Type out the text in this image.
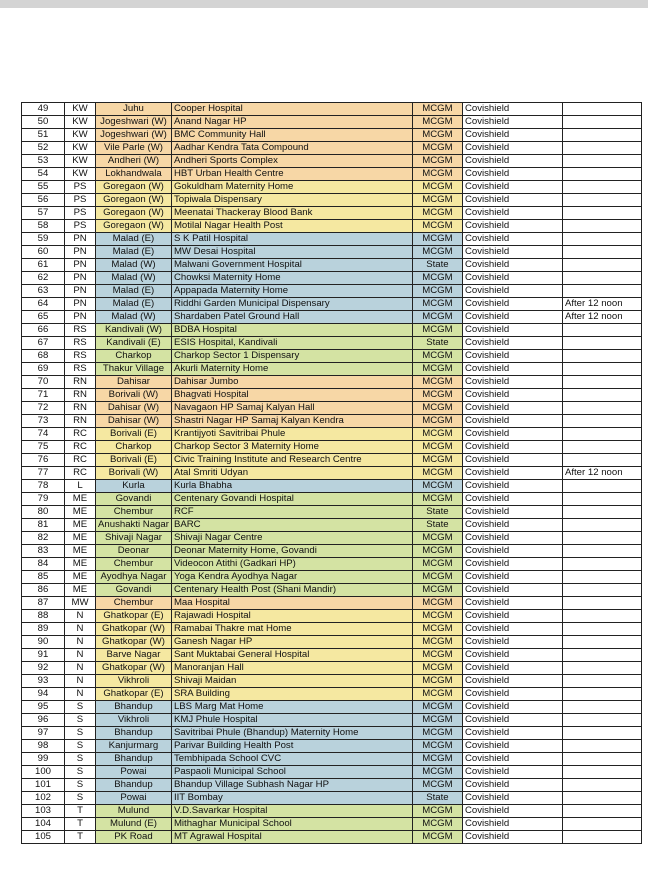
49	KW	Juhu	Cooper Hospital	MCGM	Covishield	
50	KW	Jogeshwari (W)	Anand Nagar HP	MCGM	Covishield	
51	KW	Jogeshwari (W)	BMC Community Hall	MCGM	Covishield	
52	KW	Vile Parle (W)	Aadhar Kendra Tata Compound	MCGM	Covishield	
53	KW	Andheri (W)	Andheri Sports Complex	MCGM	Covishield	
54	KW	Lokhandwala	HBT Urban Health Centre	MCGM	Covishield	
55	PS	Goregaon (W)	Gokuldham Maternity Home	MCGM	Covishield	
56	PS	Goregaon (W)	Topiwala Dispensary	MCGM	Covishield	
57	PS	Goregaon (W)	Meenatai Thackeray Blood Bank	MCGM	Covishield	
58	PS	Goregaon (W)	Motilal Nagar Health Post	MCGM	Covishield	
59	PN	Malad (E)	S K Patil Hospital	MCGM	Covishield	
60	PN	Malad (E)	MW Desai Hospital	MCGM	Covishield	
61	PN	Malad (W)	Malwani Government Hospital	State	Covishield	
62	PN	Malad (W)	Chowksi Maternity Home	MCGM	Covishield	
63	PN	Malad (E)	Appapada Maternity Home	MCGM	Covishield	
64	PN	Malad (E)	Riddhi Garden Municipal Dispensary	MCGM	Covishield	After 12 noon
65	PN	Malad (W)	Shardaben Patel Ground Hall	MCGM	Covishield	After 12 noon
66	RS	Kandivali (W)	BDBA Hospital	MCGM	Covishield	
67	RS	Kandivali (E)	ESIS Hospital, Kandivali	State	Covishield	
68	RS	Charkop	Charkop Sector 1 Dispensary	MCGM	Covishield	
69	RS	Thakur Village	Akurli Maternity Home	MCGM	Covishield	
70	RN	Dahisar	Dahisar Jumbo	MCGM	Covishield	
71	RN	Borivali (W)	Bhagvati Hospital	MCGM	Covishield	
72	RN	Dahisar (W)	Navagaon HP Samaj Kalyan Hall	MCGM	Covishield	
73	RN	Dahisar (W)	Shastri Nagar HP Samaj Kalyan Kendra	MCGM	Covishield	
74	RC	Borivali (E)	Krantijyoti Savitribai Phule	MCGM	Covishield	
75	RC	Charkop	Charkop Sector 3 Maternity Home	MCGM	Covishield	
76	RC	Borivali (E)	Civic Training Institute and Research Centre	MCGM	Covishield	
77	RC	Borivali (W)	Atal Smriti Udyan	MCGM	Covishield	After 12 noon
78	L	Kurla	Kurla Bhabha	MCGM	Covishield	
79	ME	Govandi	Centenary Govandi Hospital	MCGM	Covishield	
80	ME	Chembur	RCF	State	Covishield	
81	ME	Anushakti Nagar	BARC	State	Covishield	
82	ME	Shivaji Nagar	Shivaji Nagar Centre	MCGM	Covishield	
83	ME	Deonar	Deonar Maternity Home, Govandi	MCGM	Covishield	
84	ME	Chembur	Videocon Atithi (Gadkari HP)	MCGM	Covishield	
85	ME	Ayodhya Nagar	Yoga Kendra Ayodhya Nagar	MCGM	Covishield	
86	ME	Govandi	Centenary Health Post (Shani Mandir)	MCGM	Covishield	
87	MW	Chembur	Maa Hospital	MCGM	Covishield	
88	N	Ghatkopar (E)	Rajawadi Hospital	MCGM	Covishield	
89	N	Ghatkopar (W)	Ramabai Thakre mat Home	MCGM	Covishield	
90	N	Ghatkopar (W)	Ganesh Nagar HP	MCGM	Covishield	
91	N	Barve Nagar	Sant Muktabai General Hospital	MCGM	Covishield	
92	N	Ghatkopar (W)	Manoranjan Hall	MCGM	Covishield	
93	N	Vikhroli	Shivaji Maidan	MCGM	Covishield	
94	N	Ghatkopar (E)	SRA Building	MCGM	Covishield	
95	S	Bhandup	LBS Marg Mat Home	MCGM	Covishield	
96	S	Vikhroli	KMJ Phule Hospital	MCGM	Covishield	
97	S	Bhandup	Savitribai Phule (Bhandup) Maternity Home	MCGM	Covishield	
98	S	Kanjurmarg	Parivar Building Health Post	MCGM	Covishield	
99	S	Bhandup	Tembhipada School CVC	MCGM	Covishield	
100	S	Powai	Paspaoli Municipal School	MCGM	Covishield	
101	S	Bhandup	Bhandup Village Subhash Nagar HP	MCGM	Covishield	
102	S	Powai	IIT Bombay	State	Covishield	
103	T	Mulund	V.D.Savarkar Hospital	MCGM	Covishield	
104	T	Mulund (E)	Mithaghar Municipal School	MCGM	Covishield	
105	T	PK Road	MT Agrawal Hospital	MCGM	Covishield	
